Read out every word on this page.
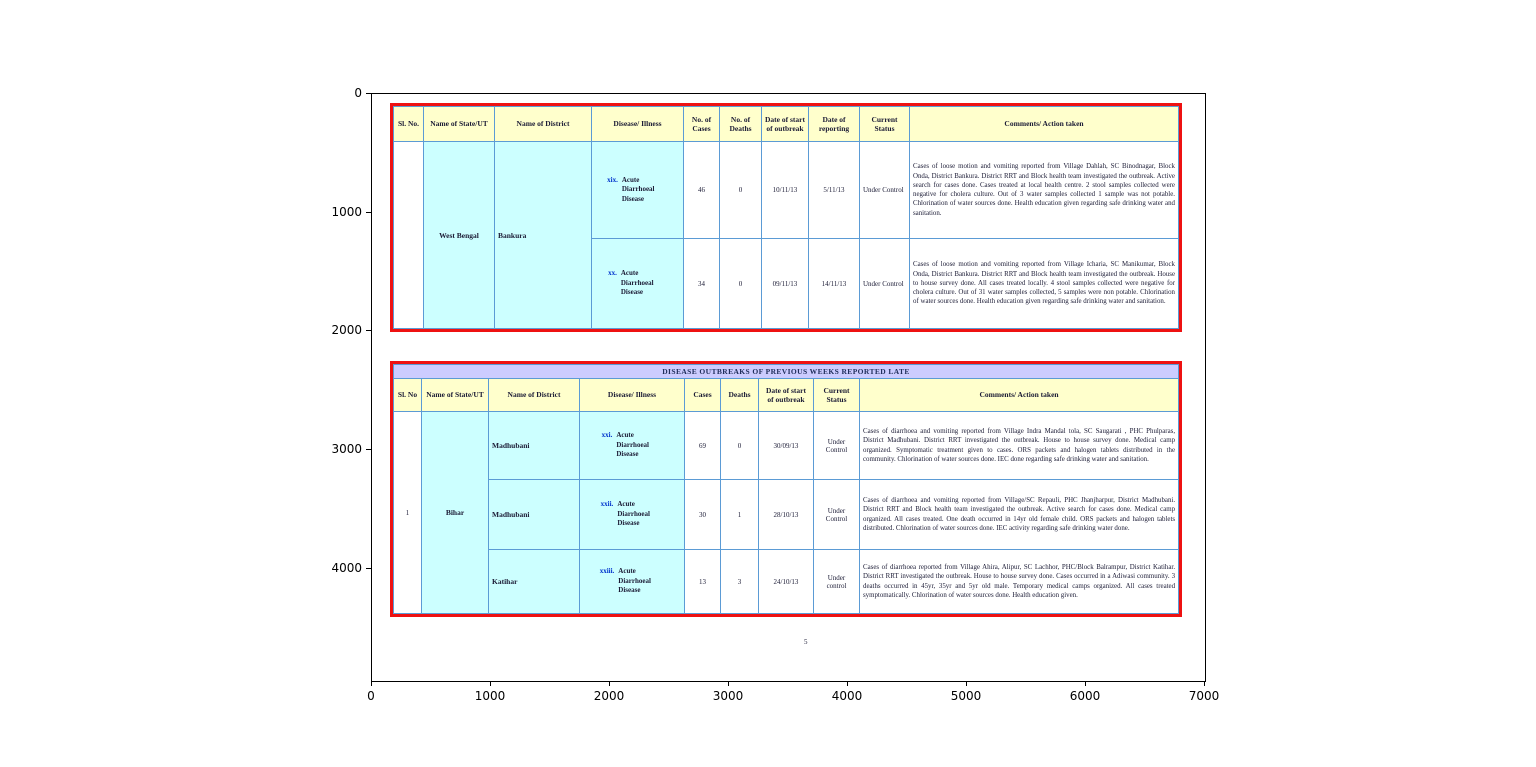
0
1000
2000
3000
4000
0	1000	2000	3000	4000	5000	6000	7000
Sl. No.	Name of State/UT	Name of District	Disease/ Illness	No. of Cases	No. of Deaths	Date of start of outbreak	Date of reporting	Current Status	Comments/ Action taken
	West Bengal	Bankura	xix. Acute Diarrhoeal Disease	46	0	10/11/13	5/11/13	Under Control	Cases of loose motion and vomiting reported from Village Dahlah, SC Binodnagar, Block Onda, District Bankura. District RRT and Block health team investigated the outbreak. Active search for cases done. Cases treated at local health centre. 2 stool samples collected were negative for cholera culture. Out of 3 water samples collected 1 sample was not potable. Chlorination of water sources done. Health education given regarding safe drinking water and sanitation.

			xx. Acute Diarrhoeal Disease	34	0	09/11/13	14/11/13	Under Control	Cases of loose motion and vomiting reported from Village Icharia, SC Manikumar, Block Onda, District Bankura. District RRT and Block health team investigated the outbreak. House to house survey done. All cases treated locally. 4 stool samples collected were negative for cholera culture. Out of 31 water samples collected, 5 samples were non potable. Chlorination of water sources done. Health education given regarding safe drinking water and sanitation.
DISEASE OUTBREAKS OF PREVIOUS WEEKS REPORTED LATE								
Sl. No	Name of State/UT	Name of District	Disease/ Illness	Cases	Deaths	Date of start of outbreak	Current Status	Comments/ Action taken
1	Bihar	Madhubani	xxi. Acute Diarrhoeal Disease	69	0	30/09/13	Under Control	Cases of diarrhoea and vomiting reported from Village Indra Mandal tola, SC Saugarati , PHC Phulparas, District Madhubani. District RRT investigated the outbreak. House to house survey done. Medical camp organized. Symptomatic treatment given to cases. ORS packets and halogen tablets distributed in the community. Chlorination of water sources done. IEC done regarding safe drinking water and sanitation.
		Madhubani	xxii. Acute Diarrhoeal Disease	30	1	28/10/13	Under Control	Cases of diarrhoea and vomiting reported from Village/SC Repauli, PHC Jhanjharpur, District Madhubani. District RRT and Block health team investigated the outbreak. Active search for cases done. Medical camp organized. All cases treated. One death occurred in 14yr old female child. ORS packets and halogen tablets distributed. Chlorination of water sources done. IEC activity regarding safe drinking water done.
		Katihar	xxiii. Acute Diarrhoeal Disease	13	3	24/10/13	Under control	Cases of diarrhoea reported from Village Ahira, Alipur, SC Lachhor, PHC/Block Balrampur, District Katihar. District RRT investigated the outbreak. House to house survey done. Cases occurred in a Adiwasi community. 3 deaths occurred in 45yr, 35yr and 5yr old male. Temporary medical camps organized. All cases treated symptomatically. Chlorination of water sources done. Health education given.
5
